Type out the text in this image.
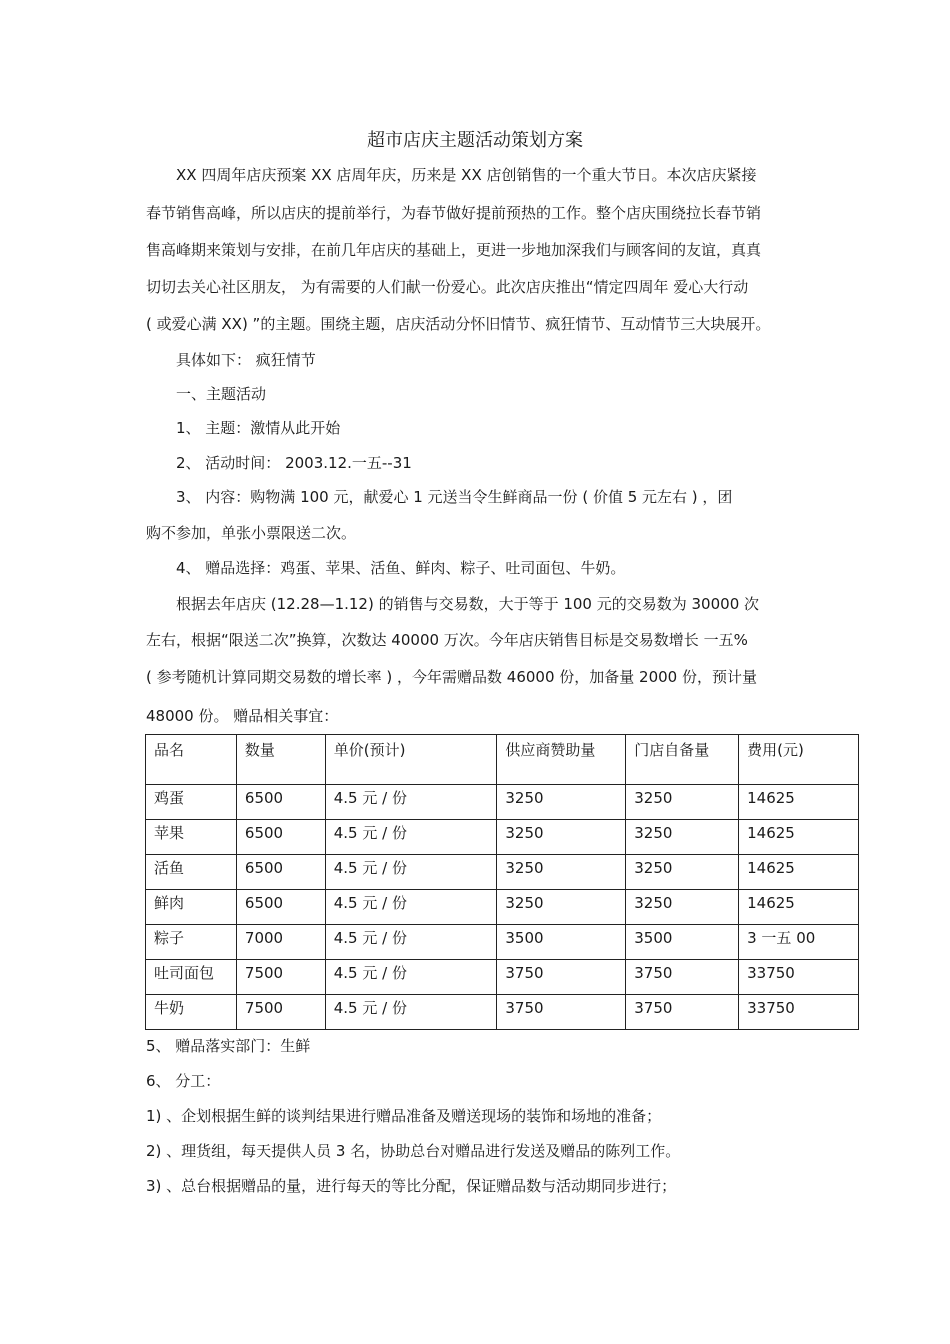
超市店庆主题活动策划方案
XX 四周年店庆预案 XX 店周年庆，历来是 XX 店创销售的一个重大节日。本次店庆紧接
春节销售高峰，所以店庆的提前举行，为春节做好提前预热的工作。整个店庆围绕拉长春节销
售高峰期来策划与安排，在前几年店庆的基础上，更进一步地加深我们与顾客间的友谊，真真
切切去关心社区朋友， 为有需要的人们献一份爱心。此次店庆推出“情定四周年 爱心大行动
( 或爱心满 XX) ”的主题。围绕主题，店庆活动分怀旧情节、疯狂情节、互动情节三大块展开。
具体如下： 疯狂情节
一、主题活动
1、 主题：激情从此开始
2、 活动时间： 2003.12.一五--31
3、 内容：购物满 100 元，献爱心 1 元送当令生鲜商品一份 ( 价值 5 元左右 ) ，团
购不参加，单张小票限送二次。
4、 赠品选择：鸡蛋、苹果、活鱼、鲜肉、粽子、吐司面包、牛奶。
根据去年店庆 (12.28—1.12) 的销售与交易数，大于等于 100 元的交易数为 30000 次
左右，根据“限送二次”换算，次数达 40000 万次。今年店庆销售目标是交易数增长 一五%
( 参考随机计算同期交易数的增长率 ) ，今年需赠品数 46000 份，加备量 2000 份，预计量
48000 份。 赠品相关事宜：
品名	数量	单价(预计)	供应商赞助量	门店自备量	费用(元)
鸡蛋	6500	4.5 元 / 份	3250	3250	14625
苹果	6500	4.5 元 / 份	3250	3250	14625
活鱼	6500	4.5 元 / 份	3250	3250	14625
鲜肉	6500	4.5 元 / 份	3250	3250	14625
粽子	7000	4.5 元 / 份	3500	3500	3 一五 00
吐司面包	7500	4.5 元 / 份	3750	3750	33750
牛奶	7500	4.5 元 / 份	3750	3750	33750
5、 赠品落实部门：生鲜
6、 分工：
1) 、企划根据生鲜的谈判结果进行赠品准备及赠送现场的装饰和场地的准备；
2) 、理货组，每天提供人员 3 名，协助总台对赠品进行发送及赠品的陈列工作。
3) 、总台根据赠品的量，进行每天的等比分配，保证赠品数与活动期同步进行；
